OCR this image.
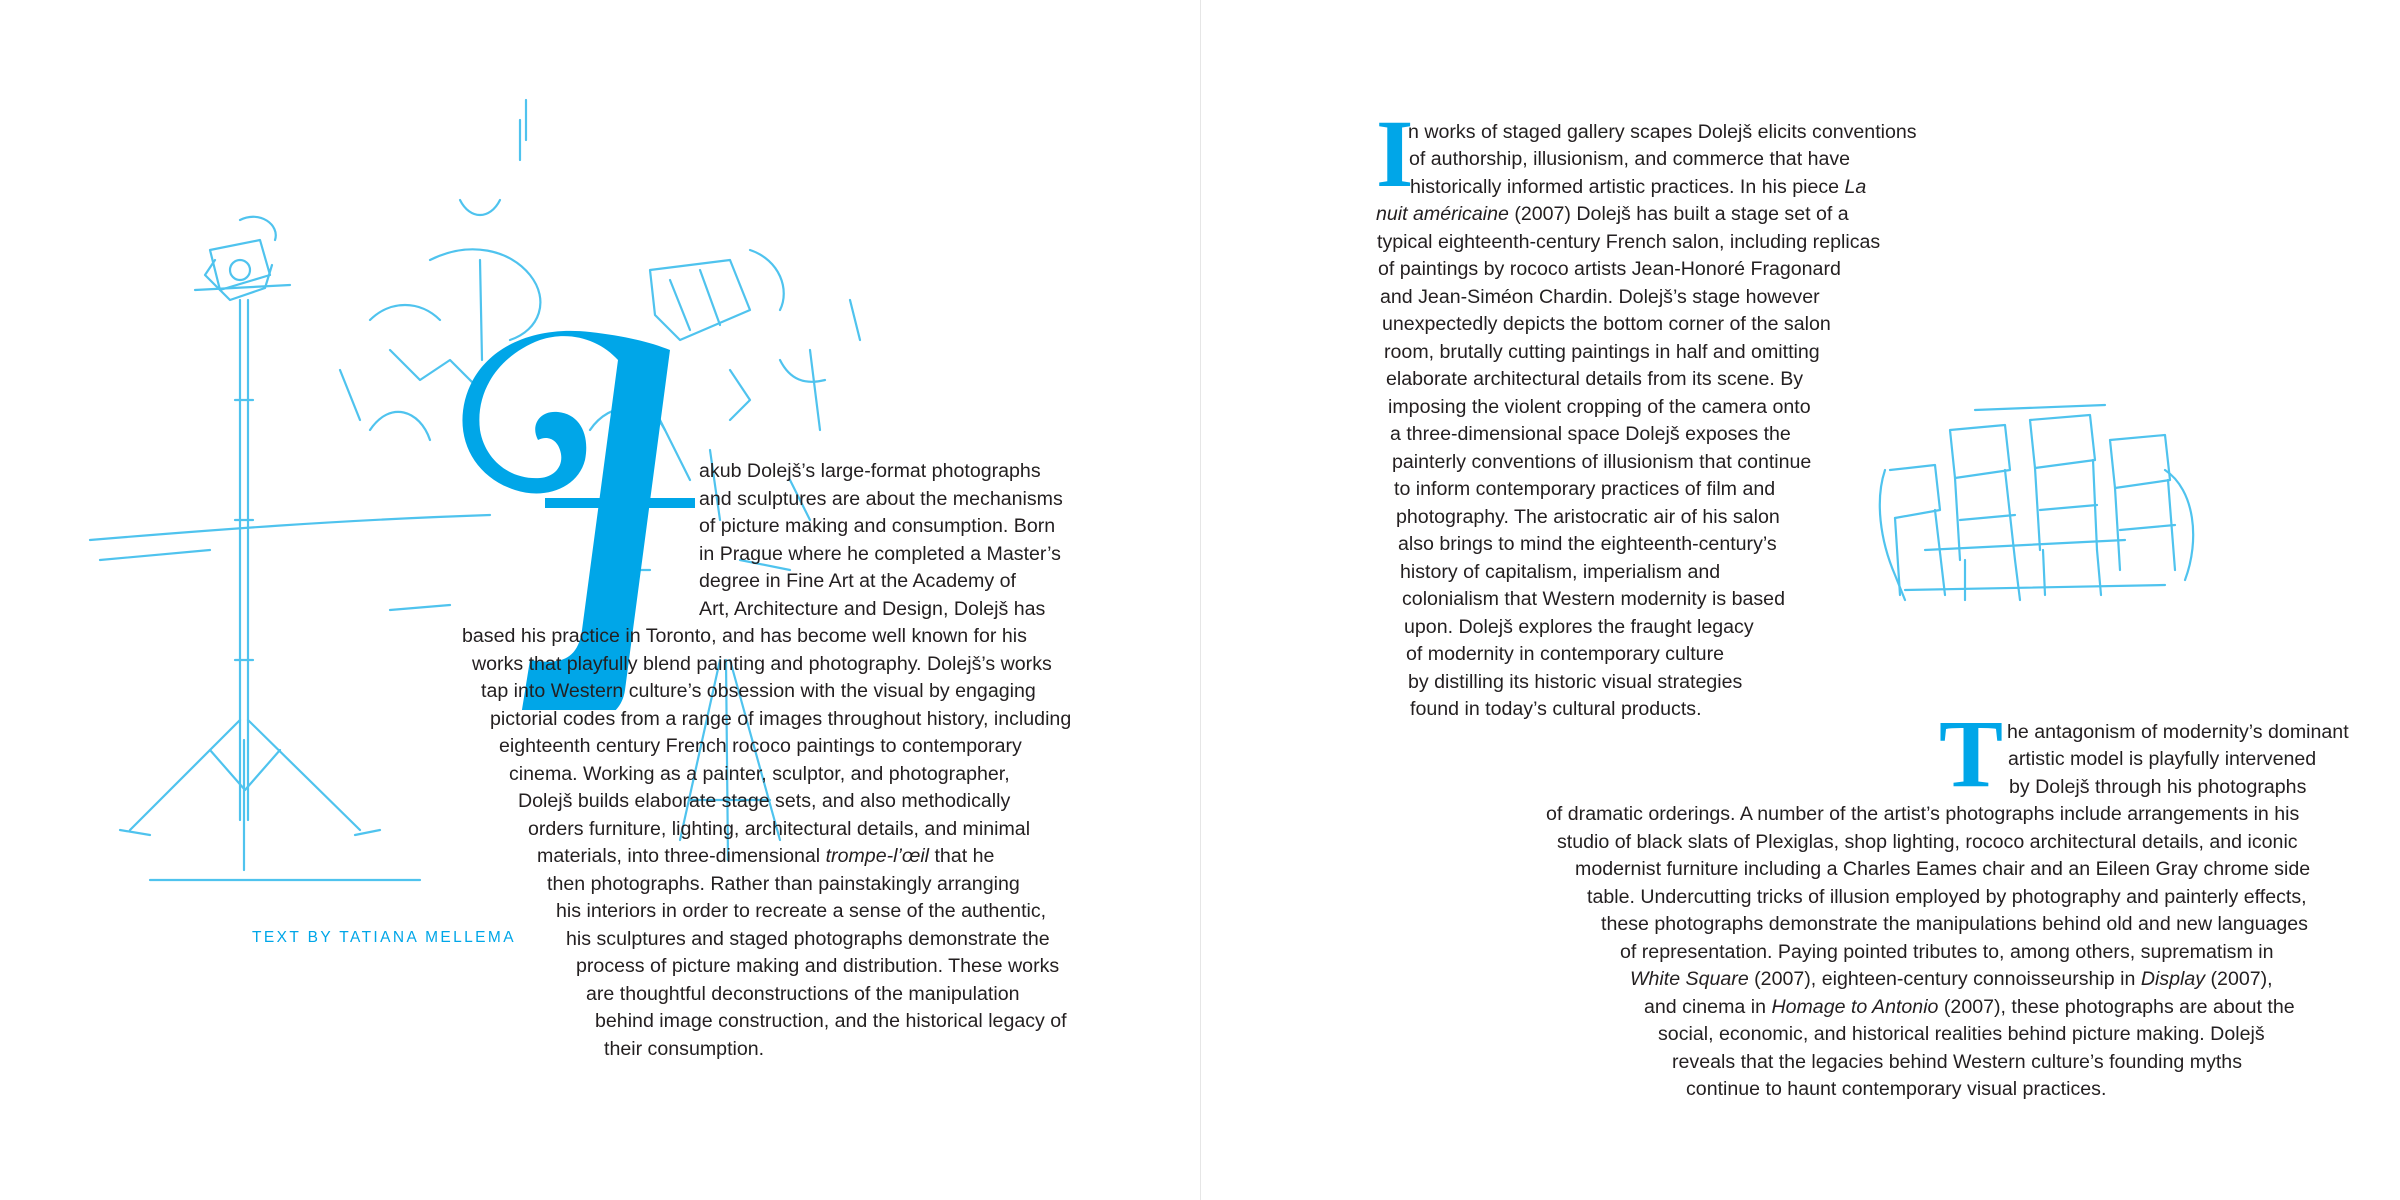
akub Dolejš’s large-format photographs
and sculptures are about the mechanisms
of picture making and consumption. Born
in Prague where he completed a Master’s
degree in Fine Art at the Academy of
Art, Architecture and Design, Dolejš has
based his practice in Toronto, and has become well known for his
works that playfully blend painting and photography. Dolejš’s works
tap into Western culture’s obsession with the visual by engaging
pictorial codes from a range of images throughout history, including
eighteenth century French rococo paintings to contemporary
cinema. Working as a painter, sculptor, and photographer,
Dolejš builds elaborate stage sets, and also methodically
orders furniture, lighting, architectural details, and minimal
materials, into three-dimensional trompe-l’œil that he
then photographs. Rather than painstakingly arranging
his interiors in order to recreate a sense of the authentic,
his sculptures and staged photographs demonstrate the
process of picture making and distribution. These works
are thoughtful deconstructions of the manipulation
behind image construction, and the historical legacy of
their consumption.
TEXT BY TATIANA MELLEMA
I
n works of staged gallery scapes Dolejš elicits conventions
of authorship, illusionism, and commerce that have
historically informed artistic practices. In his piece La
nuit américaine (2007) Dolejš has built a stage set of a
typical eighteenth-century French salon, including replicas
of paintings by rococo artists Jean-Honoré Fragonard
and Jean-Siméon Chardin. Dolejš’s stage however
unexpectedly depicts the bottom corner of the salon
room, brutally cutting paintings in half and omitting
elaborate architectural details from its scene. By
imposing the violent cropping of the camera onto
a three-dimensional space Dolejš exposes the
painterly conventions of illusionism that continue
to inform contemporary practices of film and
photography. The aristocratic air of his salon
also brings to mind the eighteenth-century’s
history of capitalism, imperialism and
colonialism that Western modernity is based
upon. Dolejš explores the fraught legacy
of modernity in contemporary culture
by distilling its historic visual strategies
found in today’s cultural products. T he antagonism of modernity’s dominant
artistic model is playfully intervened
by Dolejš through his photographs
of dramatic orderings. A number of the artist’s photographs include arrangements in his
studio of black slats of Plexiglas, shop lighting, rococo architectural details, and iconic
modernist furniture including a Charles Eames chair and an Eileen Gray chrome side
table. Undercutting tricks of illusion employed by photography and painterly effects,
these photographs demonstrate the manipulations behind old and new languages
of representation. Paying pointed tributes to, among others, suprematism in
White Square (2007), eighteen-century connoisseurship in Display (2007),
and cinema in Homage to Antonio (2007), these photographs are about the
social, economic, and historical realities behind picture making. Dolejš
reveals that the legacies behind Western culture’s founding myths
continue to haunt contemporary visual practices.
